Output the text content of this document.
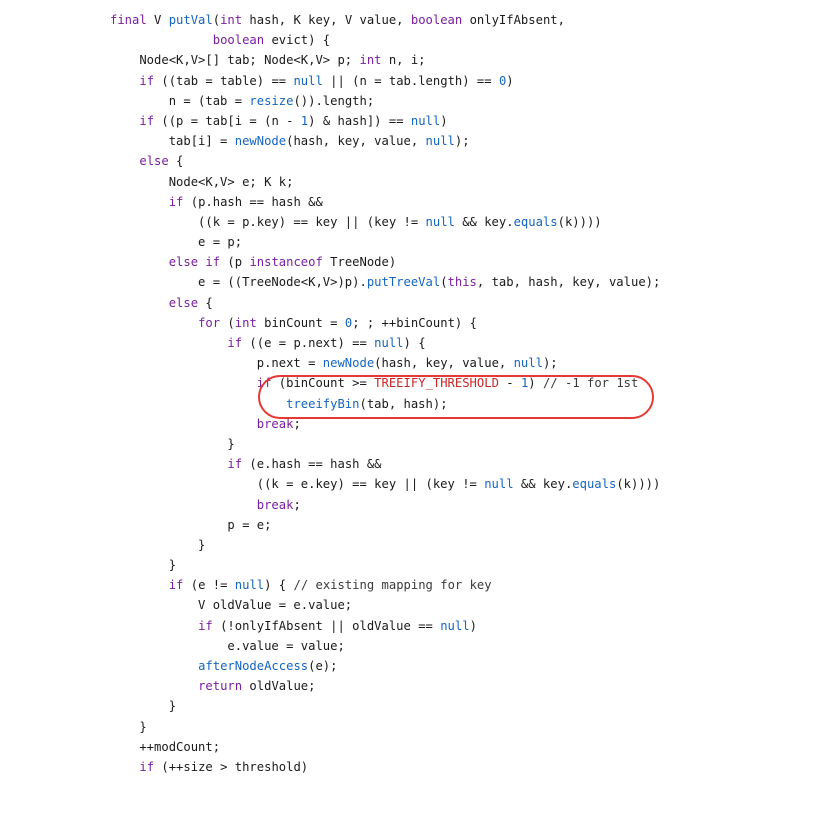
final V putVal(int hash, K key, V value, boolean onlyIfAbsent,
boolean evict) {
Node<K,V>[] tab; Node<K,V> p; int n, i;
if ((tab = table) == null || (n = tab.length) == 0)
n = (tab = resize()).length;
if ((p = tab[i = (n - 1) & hash]) == null)
tab[i] = newNode(hash, key, value, null);
else {
Node<K,V> e; K k;
if (p.hash == hash &&
((k = p.key) == key || (key != null && key.equals(k))))
e = p;
else if (p instanceof TreeNode)
e = ((TreeNode<K,V>)p).putTreeVal(this, tab, hash, key, value);
else {
for (int binCount = 0; ; ++binCount) {
if ((e = p.next) == null) {
p.next = newNode(hash, key, value, null);
if (binCount >= TREEIFY_THRESHOLD - 1) // -1 for 1st
treeifyBin(tab, hash);
break;
}
if (e.hash == hash &&
((k = e.key) == key || (key != null && key.equals(k))))
break;
p = e;
}
}
if (e != null) { // existing mapping for key
V oldValue = e.value;
if (!onlyIfAbsent || oldValue == null)
e.value = value;
afterNodeAccess(e);
return oldValue;
}
}
++modCount;
if (++size > threshold)
